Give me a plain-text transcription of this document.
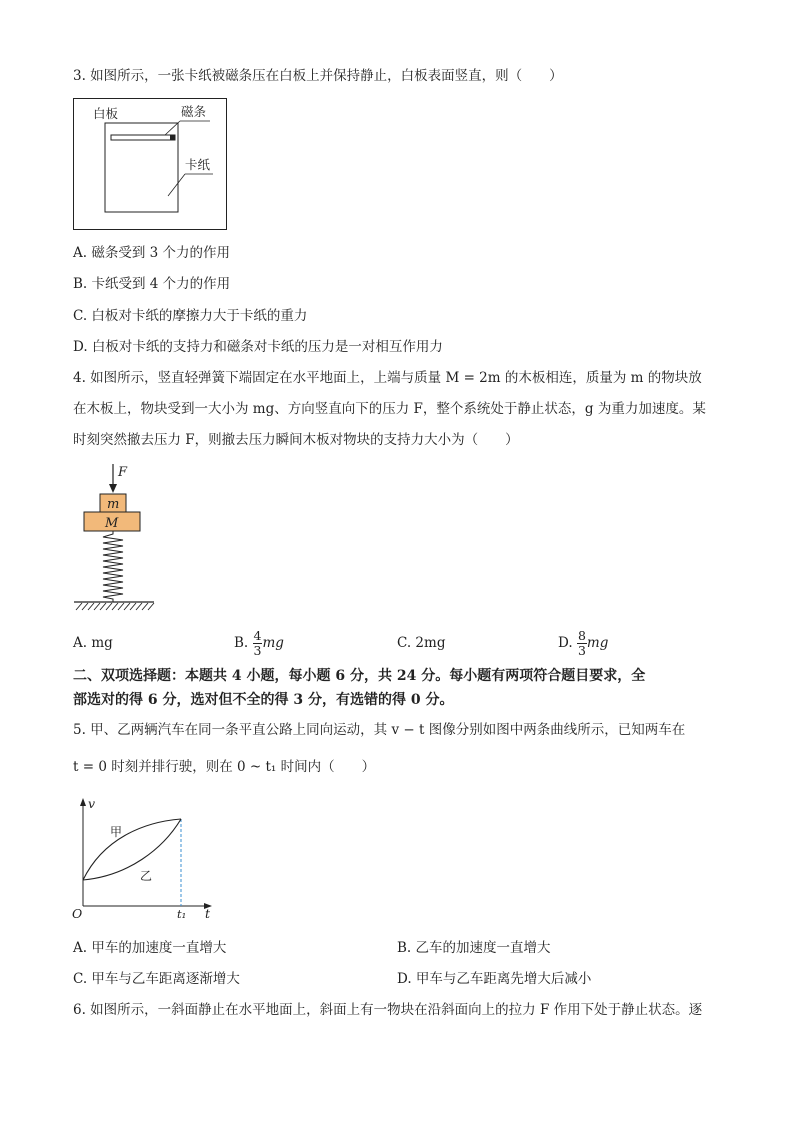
3. 如图所示，一张卡纸被磁条压在白板上并保持静止，白板表面竖直，则（　　）
白板	磁条
卡纸
A. 磁条受到 3 个力的作用
B. 卡纸受到 4 个力的作用
C. 白板对卡纸的摩擦力大于卡纸的重力
D. 白板对卡纸的支持力和磁条对卡纸的压力是一对相互作用力
4. 如图所示，竖直轻弹簧下端固定在水平地面上，上端与质量 M = 2m 的木板相连，质量为 m 的物块放
在木板上，物块受到一大小为 mg、方向竖直向下的压力 F，整个系统处于静止状态，g 为重力加速度。某
时刻突然撤去压力 F，则撤去压力瞬间木板对物块的支持力大小为（　　）
F
m
M
A. mg	B. $\frac{4}{3}$ mg	C. 2mg	D. $\frac{8}{3}$ mg
二、双项选择题：本题共 4 小题，每小题 6 分，共 24 分。每小题有两项符合题目要求，全
部选对的得 6 分，选对但不全的得 3 分，有选错的得 0 分。
5. 甲、乙两辆汽车在同一条平直公路上同向运动，其 v − t 图像分别如图中两条曲线所示，已知两车在
t = 0 时刻并排行驶，则在 0 ~ t₁ 时间内（　　）
v
t
O	t₁
甲
乙
A. 甲车的加速度一直增大	B. 乙车的加速度一直增大
C. 甲车与乙车距离逐渐增大	D. 甲车与乙车距离先增大后减小
6. 如图所示，一斜面静止在水平地面上，斜面上有一物块在沿斜面向上的拉力 F 作用下处于静止状态。逐
